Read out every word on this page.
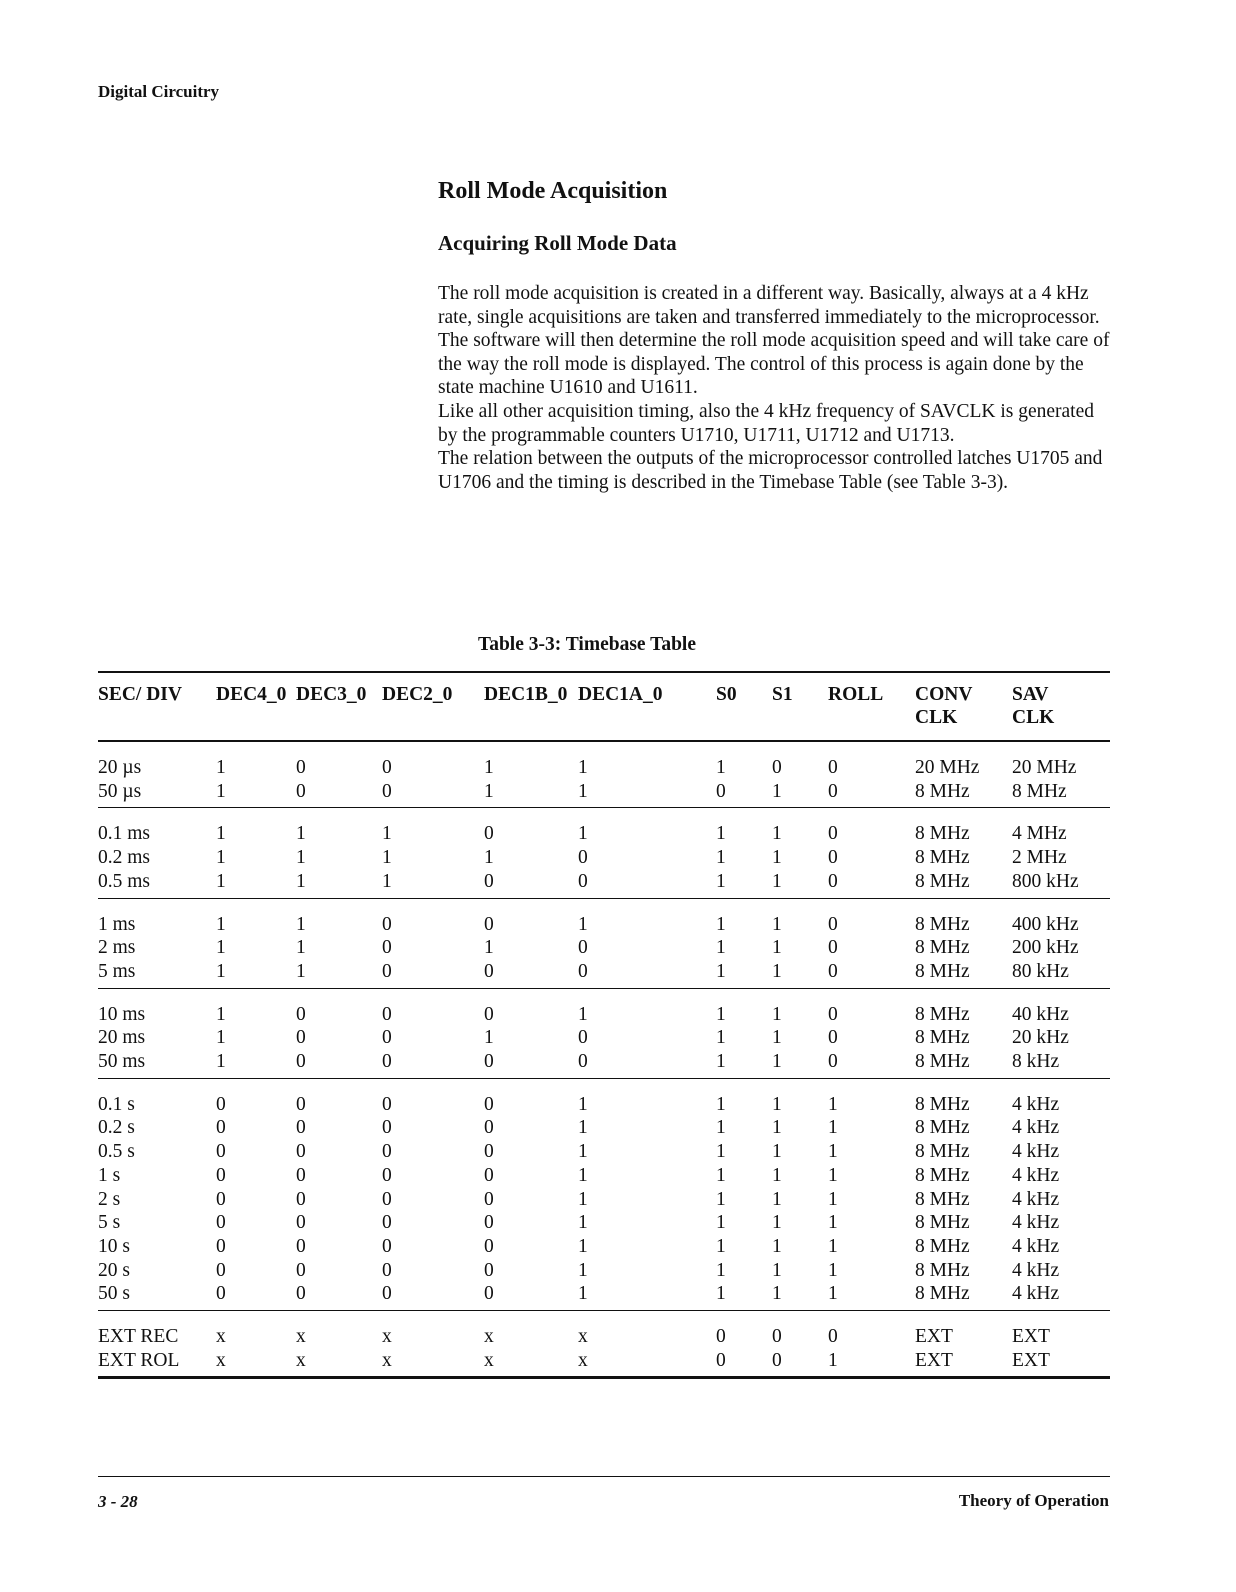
Digital Circuitry
Roll Mode Acquisition
Acquiring Roll Mode Data

The roll mode acquisition is created in a different way. Basically, always at a 4 kHz rate, single acquisitions are taken and transferred immediately to the microprocessor. The software will then determine the roll mode acquisition speed and will take care of the way the roll mode is displayed. The control of this process is again done by the state machine U1610 and U1611.

Like all other acquisition timing, also the 4 kHz frequency of SAVCLK is generated by the programmable counters U1710, U1711, U1712 and U1713.

The relation between the outputs of the microprocessor controlled latches U1705 and U1706 and the timing is described in the Timebase Table (see Table 3-3).

Table 3-3: Timebase Table
SEC/ DIV	DEC4_0	DEC3_0	DEC2_0	DEC1B_0	DEC1A_0	S0	S1	ROLL	CONV CLK	SAV CLK
20 µs	1	0	0	1	1	1	0	0	20 MHz	20 MHz
50 µs	1	0	0	1	1	0	1	0	8 MHz	8 MHz
0.1 ms	1	1	1	0	1	1	1	0	8 MHz	4 MHz
0.2 ms	1	1	1	1	0	1	1	0	8 MHz	2 MHz
0.5 ms	1	1	1	0	0	1	1	0	8 MHz	800 kHz
1 ms	1	1	0	0	1	1	1	0	8 MHz	400 kHz
2 ms	1	1	0	1	0	1	1	0	8 MHz	200 kHz
5 ms	1	1	0	0	0	1	1	0	8 MHz	80 kHz
10 ms	1	0	0	0	1	1	1	0	8 MHz	40 kHz
20 ms	1	0	0	1	0	1	1	0	8 MHz	20 kHz
50 ms	1	0	0	0	0	1	1	0	8 MHz	8 kHz
0.1 s	0	0	0	0	1	1	1	1	8 MHz	4 kHz
0.2 s	0	0	0	0	1	1	1	1	8 MHz	4 kHz
0.5 s	0	0	0	0	1	1	1	1	8 MHz	4 kHz
1 s	0	0	0	0	1	1	1	1	8 MHz	4 kHz
2 s	0	0	0	0	1	1	1	1	8 MHz	4 kHz
5 s	0	0	0	0	1	1	1	1	8 MHz	4 kHz
10 s	0	0	0	0	1	1	1	1	8 MHz	4 kHz
20 s	0	0	0	0	1	1	1	1	8 MHz	4 kHz
50 s	0	0	0	0	1	1	1	1	8 MHz	4 kHz
EXT REC	x	x	x	x	x	0	0	0	EXT	EXT
EXT ROL	x	x	x	x	x	0	0	1	EXT	EXT
3 - 28	Theory of Operation
